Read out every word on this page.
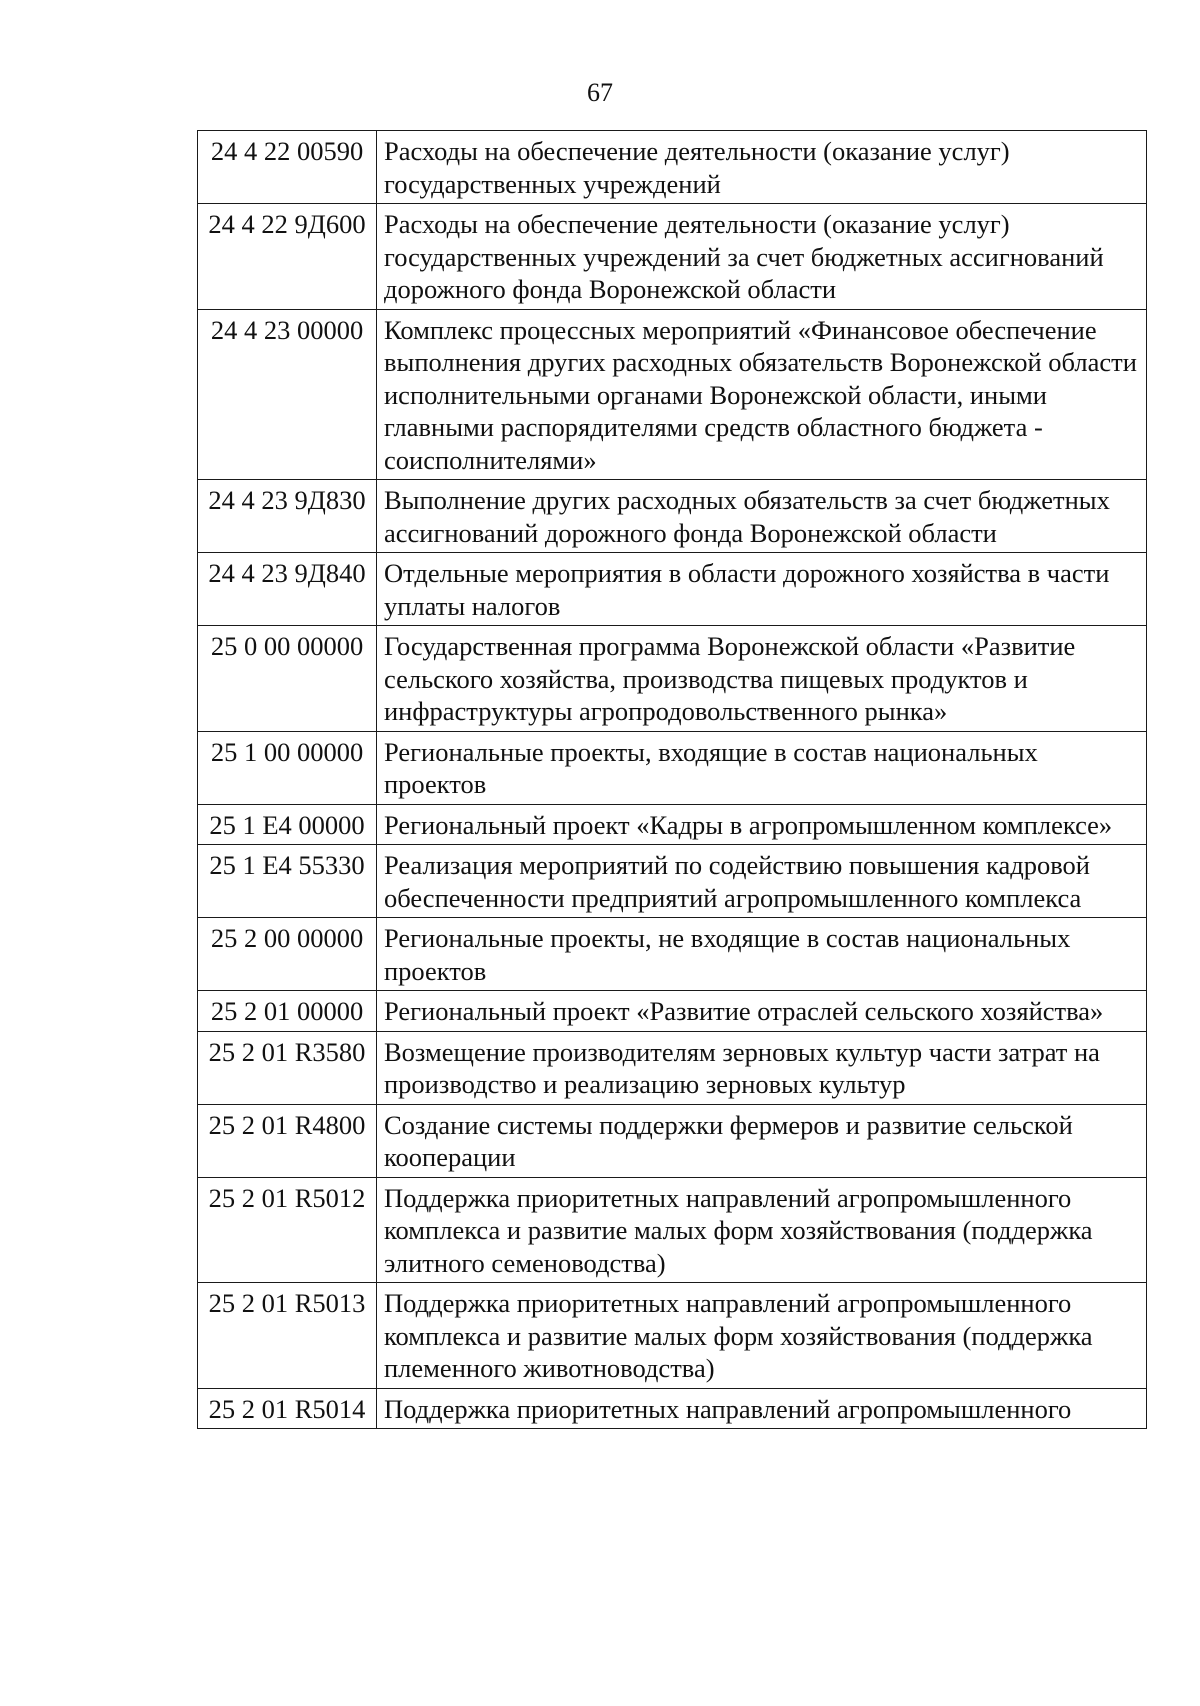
67
24 4 22 00590	Расходы на обеспечение деятельности (оказание услуг) государственных учреждений
24 4 22 9Д600	Расходы на обеспечение деятельности (оказание услуг) государственных учреждений за счет бюджетных ассигнований дорожного фонда Воронежской области
24 4 23 00000	Комплекс процессных мероприятий «Финансовое обеспечение выполнения других расходных обязательств Воронежской области исполнительными органами Воронежской области, иными главными распорядителями средств областного бюджета - соисполнителями»
24 4 23 9Д830	Выполнение других расходных обязательств за счет бюджетных ассигнований дорожного фонда Воронежской области
24 4 23 9Д840	Отдельные мероприятия в области дорожного хозяйства в части уплаты налогов
25 0 00 00000	Государственная программа Воронежской области «Развитие сельского хозяйства, производства пищевых продуктов и инфраструктуры агропродовольственного рынка»
25 1 00 00000	Региональные проекты, входящие в состав национальных проектов
25 1 Е4 00000	Региональный проект «Кадры в агропромышленном комплексе»
25 1 Е4 55330	Реализация мероприятий по содействию повышения кадровой обеспеченности предприятий агропромышленного комплекса
25 2 00 00000	Региональные проекты, не входящие в состав национальных проектов
25 2 01 00000	Региональный проект «Развитие отраслей сельского хозяйства»
25 2 01 R3580	Возмещение производителям зерновых культур части затрат на производство и реализацию зерновых культур
25 2 01 R4800	Создание системы поддержки фермеров и развитие сельской кооперации
25 2 01 R5012	Поддержка приоритетных направлений агропромышленного комплекса и развитие малых форм хозяйствования (поддержка элитного семеноводства)
25 2 01 R5013	Поддержка приоритетных направлений агропромышленного комплекса и развитие малых форм хозяйствования (поддержка племенного животноводства)
25 2 01 R5014	Поддержка приоритетных направлений агропромышленного
